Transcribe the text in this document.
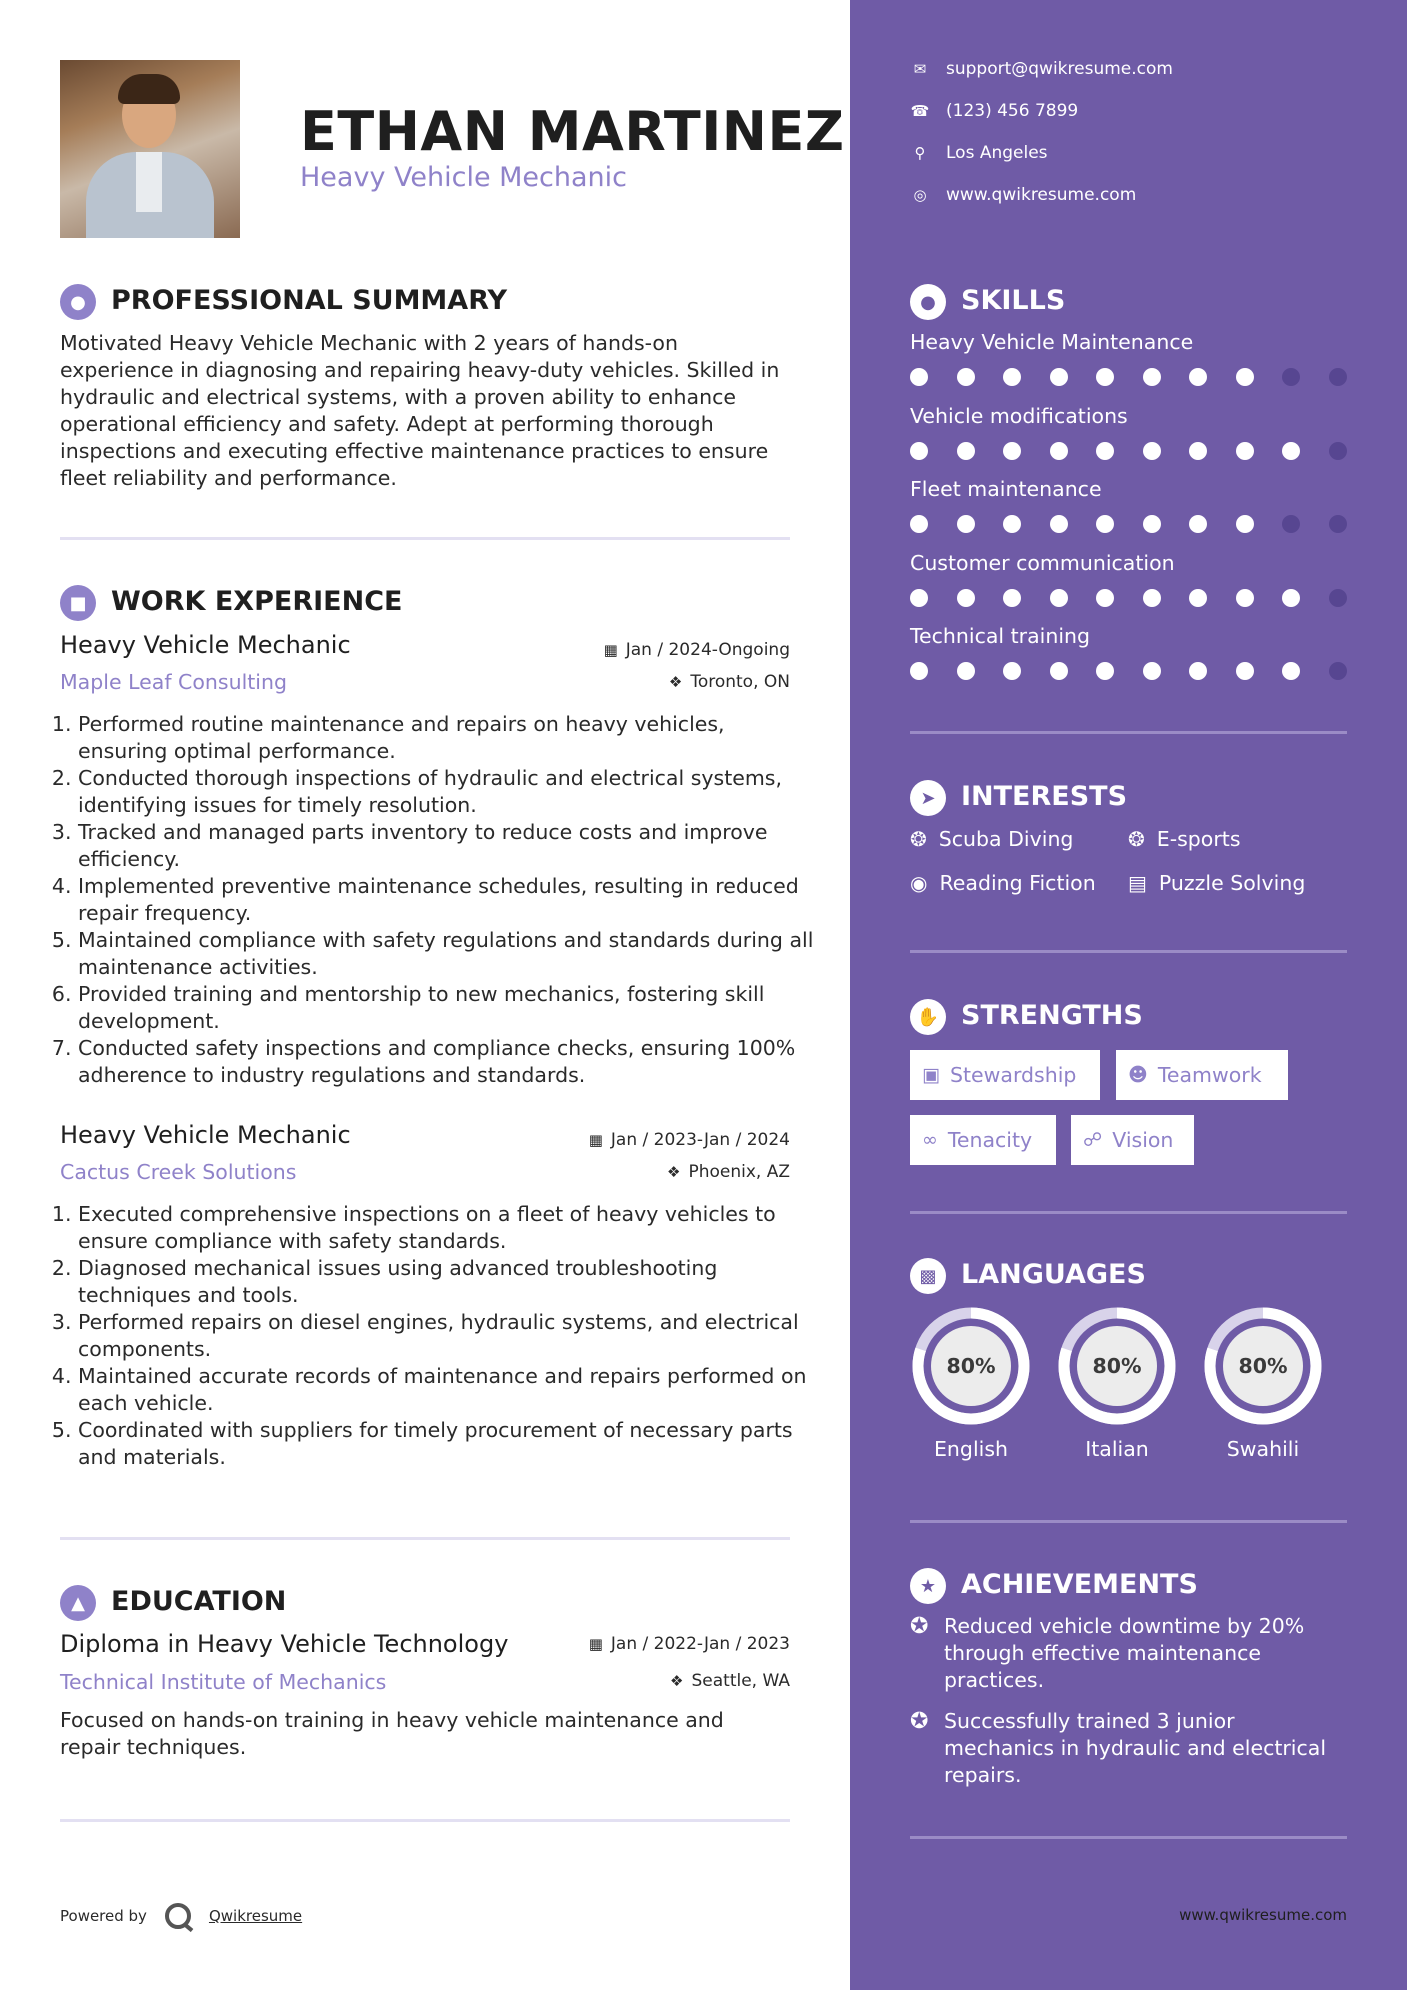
ETHAN MARTINEZ
Heavy Vehicle Mechanic
● PROFESSIONAL SUMMARY
Motivated Heavy Vehicle Mechanic with 2 years of hands-on
experience in diagnosing and repairing heavy-duty vehicles. Skilled in
hydraulic and electrical systems, with a proven ability to enhance
operational efficiency and safety. Adept at performing thorough
inspections and executing effective maintenance practices to ensure
fleet reliability and performance.
■ WORK EXPERIENCE
Heavy Vehicle Mechanic	▦ Jan / 2024-Ongoing
Maple Leaf Consulting	❖ Toronto, ON
1. Performed routine maintenance and repairs on heavy vehicles, ensuring optimal performance.
2. Conducted thorough inspections of hydraulic and electrical systems, identifying issues for timely resolution.
3. Tracked and managed parts inventory to reduce costs and improve efficiency.
4. Implemented preventive maintenance schedules, resulting in reduced repair frequency.
5. Maintained compliance with safety regulations and standards during all maintenance activities.
6. Provided training and mentorship to new mechanics, fostering skill development.
7. Conducted safety inspections and compliance checks, ensuring 100% adherence to industry regulations and standards.
Heavy Vehicle Mechanic	▦ Jan / 2023-Jan / 2024
Cactus Creek Solutions	❖ Phoenix, AZ
1. Executed comprehensive inspections on a fleet of heavy vehicles to ensure compliance with safety standards.
2. Diagnosed mechanical issues using advanced troubleshooting techniques and tools.
3. Performed repairs on diesel engines, hydraulic systems, and electrical components.
4. Maintained accurate records of maintenance and repairs performed on each vehicle.
5. Coordinated with suppliers for timely procurement of necessary parts and materials.
▲ EDUCATION
Diploma in Heavy Vehicle Technology	▦ Jan / 2022-Jan / 2023
Technical Institute of Mechanics	❖ Seattle, WA
Focused on hands-on training in heavy vehicle maintenance and
repair techniques.
Powered by	Qwikresume
✉ support@qwikresume.com
☎ (123) 456 7899
⚲ Los Angeles
◎ www.qwikresume.com
● SKILLS
Heavy Vehicle Maintenance
Vehicle modifications
Fleet maintenance
Customer communication
Technical training
➤ INTERESTS
❂ Scuba Diving	❂ E-sports
◉ Reading Fiction ▤ Puzzle Solving
✋ STRENGTHS
▣ Stewardship	☻ Teamwork
∞ Tenacity	☍ Vision
▩ LANGUAGES
80%
English
80%
Italian
80%
Swahili
★ ACHIEVEMENTS
✪ Reduced vehicle downtime by 20%
through effective maintenance
practices.
✪ Successfully trained 3 junior
mechanics in hydraulic and electrical
repairs.
www.qwikresume.com
